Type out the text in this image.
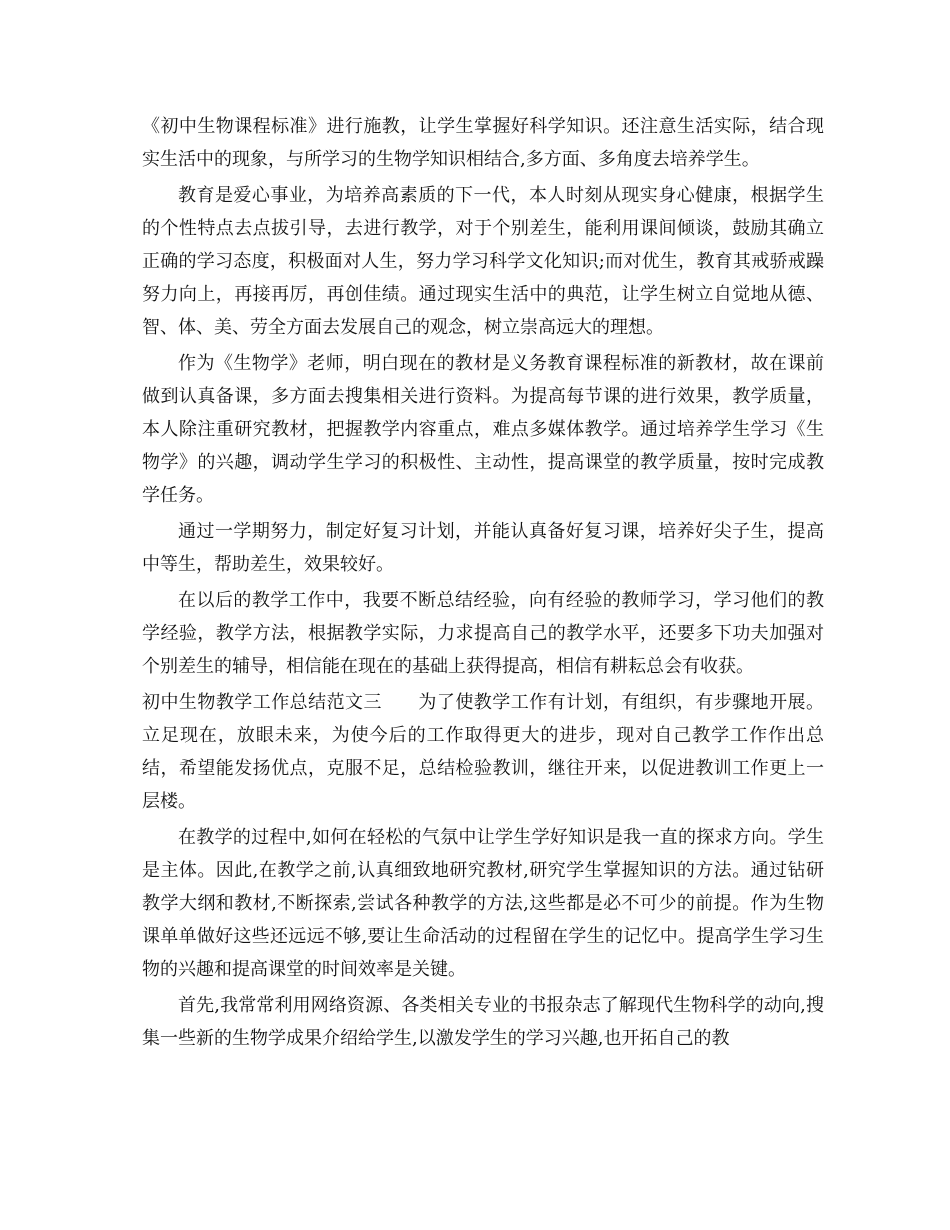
《初中生物课程标准》进行施教，让学生掌握好科学知识。还注意生活实际，结合现实生活中的现象，与所学习的生物学知识相结合,多方面、多角度去培养学生。

教育是爱心事业，为培养高素质的下一代，本人时刻从现实身心健康，根据学生的个性特点去点拔引导，去进行教学，对于个别差生，能利用课间倾谈，鼓励其确立正确的学习态度，积极面对人生，努力学习科学文化知识;而对优生，教育其戒骄戒躁努力向上，再接再厉，再创佳绩。通过现实生活中的典范，让学生树立自觉地从德、智、体、美、劳全方面去发展自己的观念，树立崇高远大的理想。

作为《生物学》老师，明白现在的教材是义务教育课程标准的新教材，故在课前做到认真备课，多方面去搜集相关进行资料。为提高每节课的进行效果，教学质量，本人除注重研究教材，把握教学内容重点，难点多媒体教学。通过培养学生学习《生物学》的兴趣，调动学生学习的积极性、主动性，提高课堂的教学质量，按时完成教学任务。

通过一学期努力，制定好复习计划，并能认真备好复习课，培养好尖子生，提高中等生，帮助差生，效果较好。

在以后的教学工作中，我要不断总结经验，向有经验的教师学习，学习他们的教学经验，教学方法，根据教学实际，力求提高自己的教学水平，还要多下功夫加强对个别差生的辅导，相信能在现在的基础上获得提高，相信有耕耘总会有收获。

初中生物教学工作总结范文三 为了使教学工作有计划，有组织，有步骤地开展。立足现在，放眼未来，为使今后的工作取得更大的进步，现对自己教学工作作出总结，希望能发扬优点，克服不足，总结检验教训，继往开来，以促进教训工作更上一层楼。

在教学的过程中,如何在轻松的气氛中让学生学好知识是我一直的探求方向。学生是主体。因此,在教学之前,认真细致地研究教材,研究学生掌握知识的方法。通过钻研教学大纲和教材,不断探索,尝试各种教学的方法,这些都是必不可少的前提。作为生物课单单做好这些还远远不够,要让生命活动的过程留在学生的记忆中。提高学生学习生物的兴趣和提高课堂的时间效率是关键。

首先,我常常利用网络资源、各类相关专业的书报杂志了解现代生物科学的动向,搜集一些新的生物学成果介绍给学生,以激发学生的学习兴趣,也开拓自己的教
